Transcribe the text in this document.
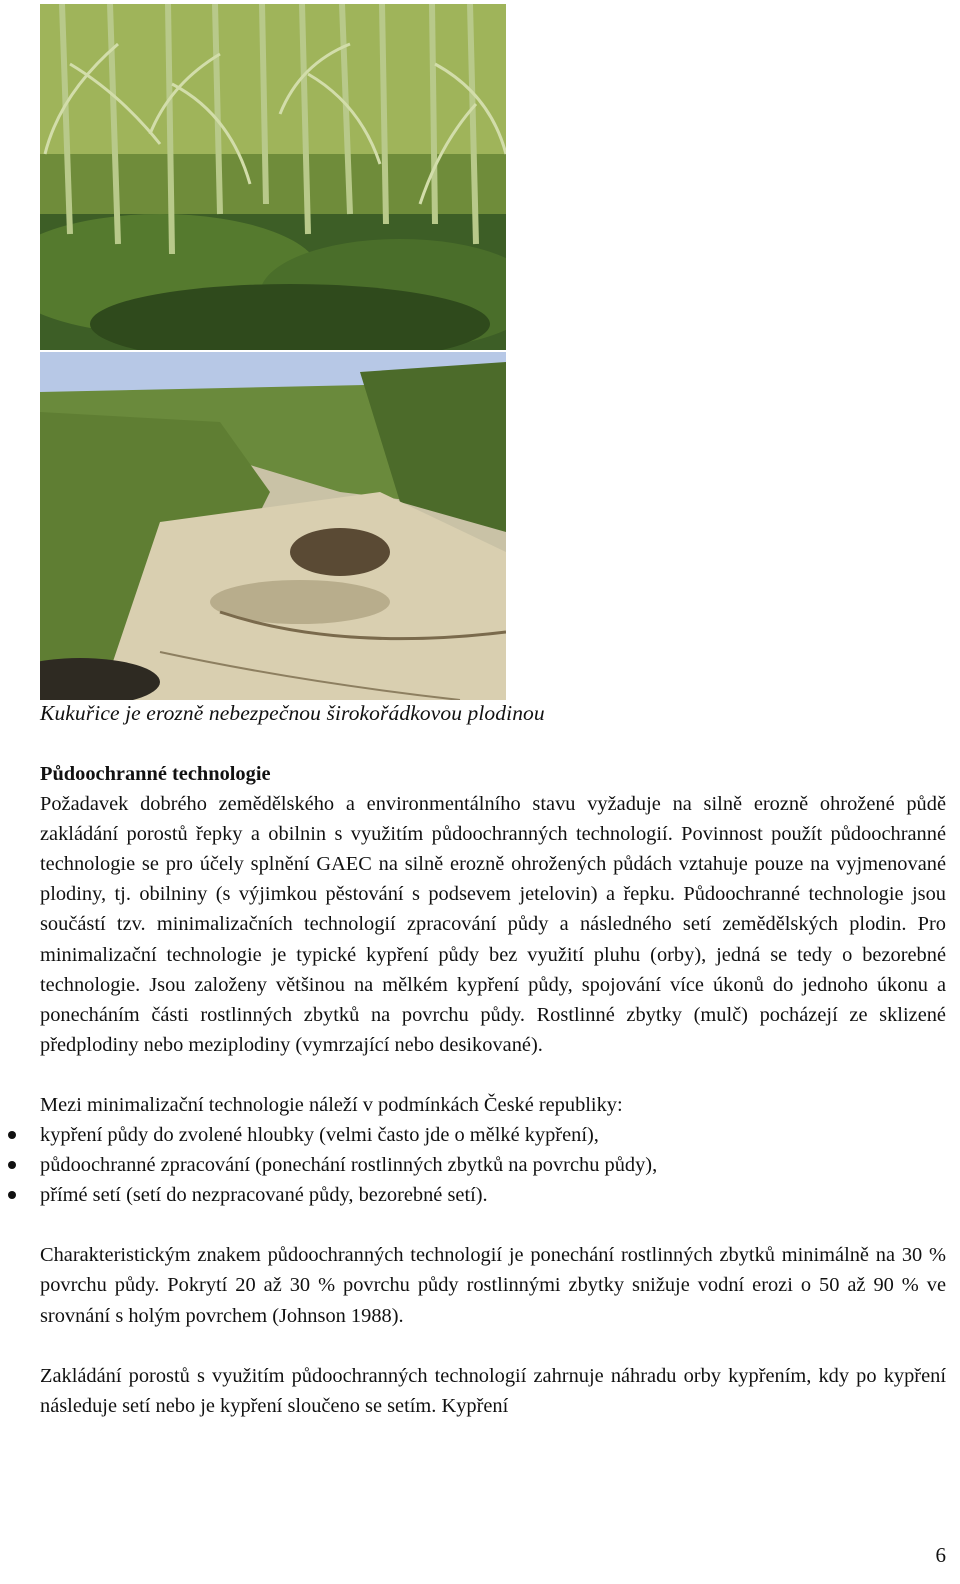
Kukuřice je erozně nebezpečnou širokořádkovou plodinou

Půdoochranné technologie

Požadavek dobrého zemědělského a environmentálního stavu vyžaduje na silně erozně ohrožené půdě zakládání porostů řepky a obilnin s využitím půdoochranných technologií. Povinnost použít půdoochranné technologie se pro účely splnění GAEC na silně erozně ohrožených půdách vztahuje pouze na vyjmenované plodiny, tj. obilniny (s výjimkou pěstování s podsevem jetelovin) a řepku. Půdoochranné technologie jsou součástí tzv. minimalizačních technologií zpracování půdy a následného setí zemědělských plodin. Pro minimalizační technologie je typické kypření půdy bez využití pluhu (orby), jedná se tedy o bezorebné technologie. Jsou založeny většinou na mělkém kypření půdy, spojování více úkonů do jednoho úkonu a ponecháním části rostlinných zbytků na povrchu půdy. Rostlinné zbytky (mulč) pocházejí ze sklizené předplodiny nebo meziplodiny (vymrzající nebo desikované).

Mezi minimalizační technologie náleží v podmínkách České republiky:

kypření půdy do zvolené hloubky (velmi často jde o mělké kypření),
půdoochranné zpracování (ponechání rostlinných zbytků na povrchu půdy),
přímé setí (setí do nezpracované půdy, bezorebné setí).

Charakteristickým znakem půdoochranných technologií je ponechání rostlinných zbytků minimálně na 30 % povrchu půdy. Pokrytí 20 až 30 % povrchu půdy rostlinnými zbytky snižuje vodní erozi o 50 až 90 % ve srovnání s holým povrchem (Johnson 1988).

Zakládání porostů s využitím půdoochranných technologií zahrnuje náhradu orby kypřením, kdy po kypření následuje setí nebo je kypření sloučeno se setím. Kypření

6
